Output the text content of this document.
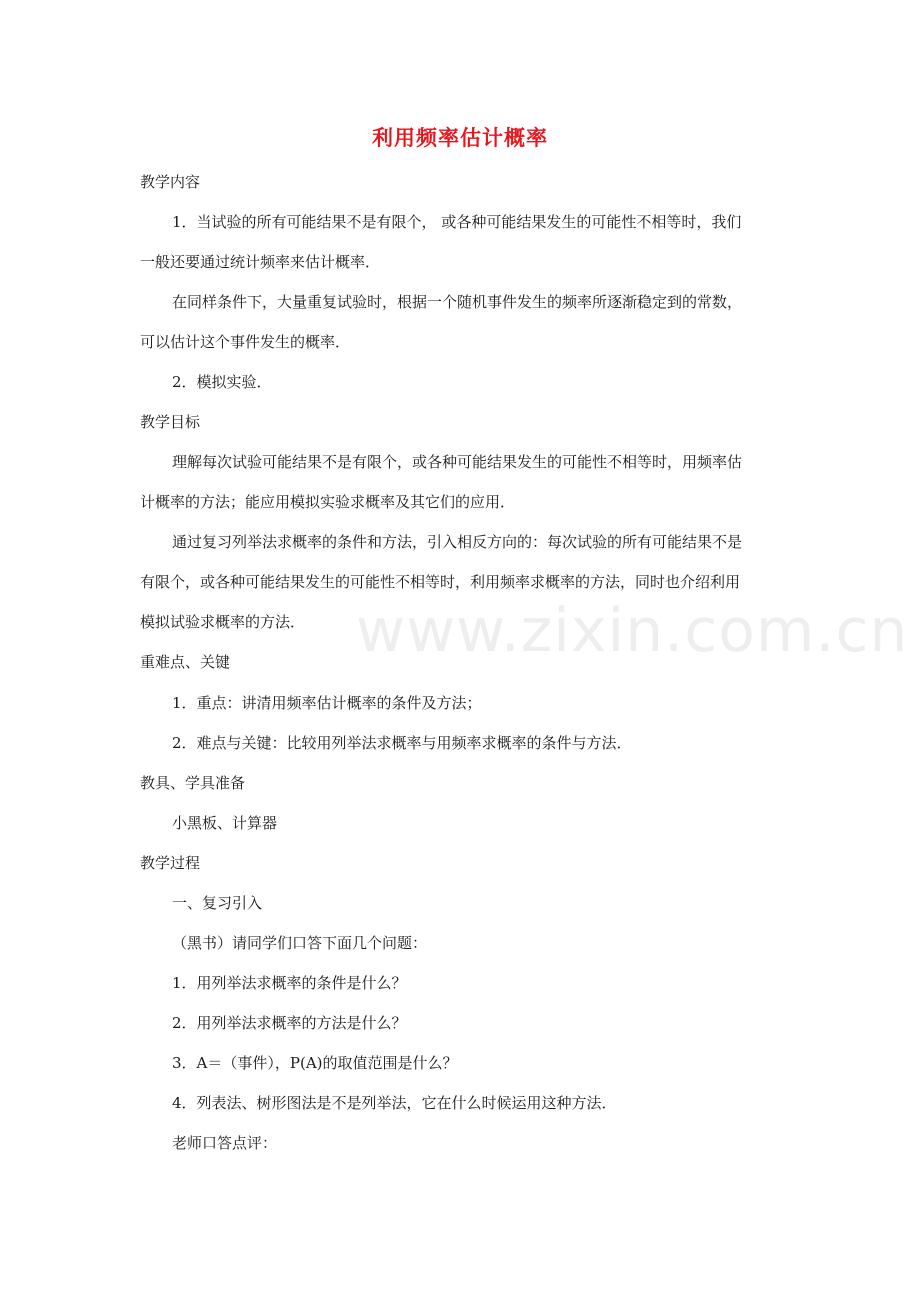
www.zixin.com.cn
利用频率估计概率
教学内容
1．当试验的所有可能结果不是有限个， 或各种可能结果发生的可能性不相等时，我们
一般还要通过统计频率来估计概率．
在同样条件下，大量重复试验时，根据一个随机事件发生的频率所逐渐稳定到的常数，
可以估计这个事件发生的概率．
2．模拟实验．
教学目标
理解每次试验可能结果不是有限个，或各种可能结果发生的可能性不相等时，用频率估
计概率的方法；能应用模拟实验求概率及其它们的应用．
通过复习列举法求概率的条件和方法，引入相反方向的：每次试验的所有可能结果不是
有限个，或各种可能结果发生的可能性不相等时，利用频率求概率的方法，同时也介绍利用
模拟试验求概率的方法．
重难点、关键
1．重点：讲清用频率估计概率的条件及方法；
2．难点与关键：比较用列举法求概率与用频率求概率的条件与方法．
教具、学具准备
小黑板、计算器
教学过程
一、复习引入
（黑书）请同学们口答下面几个问题：
1．用列举法求概率的条件是什么？
2．用列举法求概率的方法是什么？
3．A＝（事件），P(A)的取值范围是什么？
4．列表法、树形图法是不是列举法，它在什么时候运用这种方法．
老师口答点评：
